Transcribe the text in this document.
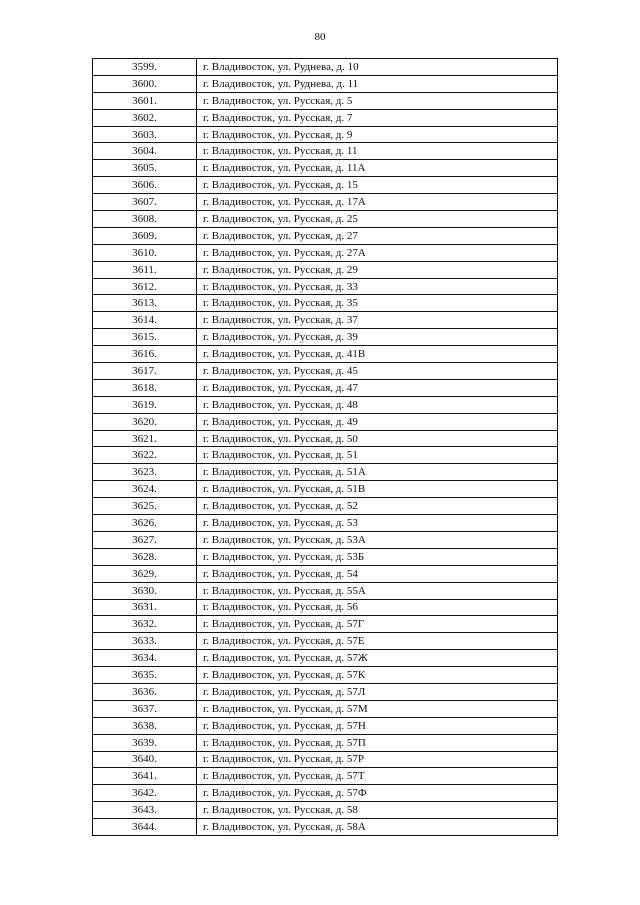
80
3599.	г. Владивосток, ул. Руднева, д. 10
3600.	г. Владивосток, ул. Руднева, д. 11
3601.	г. Владивосток, ул. Русская, д. 5
3602.	г. Владивосток, ул. Русская, д. 7
3603.	г. Владивосток, ул. Русская, д. 9
3604.	г. Владивосток, ул. Русская, д. 11
3605.	г. Владивосток, ул. Русская, д. 11А
3606.	г. Владивосток, ул. Русская, д. 15
3607.	г. Владивосток, ул. Русская, д. 17А
3608.	г. Владивосток, ул. Русская, д. 25
3609.	г. Владивосток, ул. Русская, д. 27
3610.	г. Владивосток, ул. Русская, д. 27А
3611.	г. Владивосток, ул. Русская, д. 29
3612.	г. Владивосток, ул. Русская, д. 33
3613.	г. Владивосток, ул. Русская, д. 35
3614.	г. Владивосток, ул. Русская, д. 37
3615.	г. Владивосток, ул. Русская, д. 39
3616.	г. Владивосток, ул. Русская, д. 41В
3617.	г. Владивосток, ул. Русская, д. 45
3618.	г. Владивосток, ул. Русская, д. 47
3619.	г. Владивосток, ул. Русская, д. 48
3620.	г. Владивосток, ул. Русская, д. 49
3621.	г. Владивосток, ул. Русская, д. 50
3622.	г. Владивосток, ул. Русская, д. 51
3623.	г. Владивосток, ул. Русская, д. 51А
3624.	г. Владивосток, ул. Русская, д. 51В
3625.	г. Владивосток, ул. Русская, д. 52
3626.	г. Владивосток, ул. Русская, д. 53
3627.	г. Владивосток, ул. Русская, д. 53А
3628.	г. Владивосток, ул. Русская, д. 53Б
3629.	г. Владивосток, ул. Русская, д. 54
3630.	г. Владивосток, ул. Русская, д. 55А
3631.	г. Владивосток, ул. Русская, д. 56
3632.	г. Владивосток, ул. Русская, д. 57Г
3633.	г. Владивосток, ул. Русская, д. 57Е
3634.	г. Владивосток, ул. Русская, д. 57Ж
3635.	г. Владивосток, ул. Русская, д. 57К
3636.	г. Владивосток, ул. Русская, д. 57Л
3637.	г. Владивосток, ул. Русская, д. 57М
3638.	г. Владивосток, ул. Русская, д. 57Н
3639.	г. Владивосток, ул. Русская, д. 57П
3640.	г. Владивосток, ул. Русская, д. 57Р
3641.	г. Владивосток, ул. Русская, д. 57Т
3642.	г. Владивосток, ул. Русская, д. 57Ф
3643.	г. Владивосток, ул. Русская, д. 58
3644.	г. Владивосток, ул. Русская, д. 58А
